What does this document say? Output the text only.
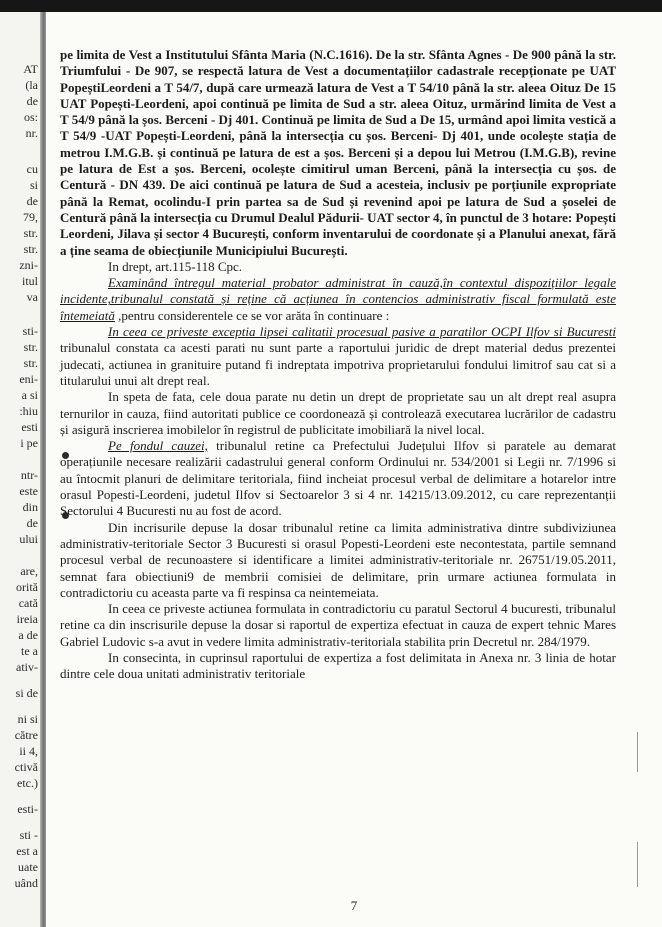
AT
(la
de
os:
nr.
cu
si
de
79,
str.
str.
zni-
itul
va
sti-
str.
str.
eni-
a si
:hiu
esti
i pe
ntr-
este
din
de
ului
are,
orită
cată
ireia
a de
te a
ativ-
si de
ni si
către
ii 4,
ctivă
etc.)
esti-
sti -
est a
uate
uând

pe limita de Vest a Institutului Sfânta Maria (N.C.1616). De la str. Sfânta Agnes - De 900 până la str. Triumfului - De 907, se respectă latura de Vest a documentațiilor cadastrale recepționate pe UAT PopeștiLeordeni a T 54/7, după care urmează latura de Vest a T 54/10 până la str. aleea Oituz De 15 UAT Popești-Leordeni, apoi continuă pe limita de Sud a str. aleea Oituz, urmărind limita de Vest a T 54/9 până la șos. Berceni - Dj 401. Continuă pe limita de Sud a De 15, urmând apoi limita vestică a T 54/9 -UAT Popești-Leordeni, până la intersecția cu șos. Berceni- Dj 401, unde ocolește stația de metrou I.M.G.B. și continuă pe latura de est a șos. Berceni și a depou lui Metrou (I.M.G.B), revine pe latura de Est a șos. Berceni, ocolește cimitirul uman Berceni, până la intersecția cu șos. de Centură - DN 439. De aici continuă pe latura de Sud a acesteia, inclusiv pe porțiunile expropriate până la Remat, ocolindu-I prin partea sa de Sud și revenind apoi pe latura de Sud a șoselei de Centură până la intersecția cu Drumul Dealul Pădurii- UAT sector 4, în punctul de 3 hotare: Popești Leordeni, Jilava și sector 4 București, conform inventarului de coordonate și a Planului anexat, fără a ține seama de obiecțiunile Municipiului București.

In drept, art.115-118 Cpc.

Examinând întregul material probator administrat în cauză,în contextul dispozițiilor legale incidente,tribunalul constată și reține că acțiunea în contencios administrativ fiscal formulată este întemeiată ,pentru considerentele ce se vor arăta în continuare :

In ceea ce priveste exceptia lipsei calitatii procesual pasive a paratilor OCPI Ilfov si Bucuresti tribunalul constata ca acesti parati nu sunt parte a raportului juridic de drept material dedus prezentei judecati, actiunea in granituire putand fi indreptata impotriva proprietarului fondului limitrof sau cat si a titularului unui alt drept real.

In speta de fata, cele doua parate nu detin un drept de proprietate sau un alt drept real asupra ternurilor in cauza, fiind autoritati publice ce coordonează și controlează executarea lucrărilor de cadastru și asigură inscrierea imobilelor în registrul de publicitate imobiliară la nivel local.

Pe fondul cauzei, tribunalul retine ca Prefectului Județului Ilfov si paratele au demarat operațiunile necesare realizării cadastrului general conform Ordinului nr. 534/2001 si Legii nr. 7/1996 si au întocmit planuri de delimitare teritoriala, fiind incheiat procesul verbal de delimitare a hotarelor intre orasul Popesti-Leordeni, judetul Ilfov si Sectoarelor 3 si 4 nr. 14215/13.09.2012, cu care reprezentanții Sectorului 4 Bucuresti nu au fost de acord.

Din incrisurile depuse la dosar tribunalul retine ca limita administrativa dintre subdiviziunea administrativ-teritoriale Sector 3 Bucuresti si orasul Popesti-Leordeni este necontestata, partile semnand procesul verbal de recunoastere si identificare a limitei administrativ-teritoriale nr. 26751/19.05.2011, semnat fara obiectiuni9 de membrii comisiei de delimitare, prin urmare actiunea formulata in contradictoriu cu aceasta parte va fi respinsa ca neintemeiata.

In ceea ce priveste actiunea formulata in contradictoriu cu paratul Sectorul 4 bucuresti, tribunalul retine ca din inscrisurile depuse la dosar si raportul de expertiza efectuat in cauza de expert tehnic Mares Gabriel Ludovic s-a avut in vedere limita administrativ-teritoriala stabilita prin Decretul nr. 284/1979.

In consecinta, in cuprinsul raportului de expertiza a fost delimitata in Anexa nr. 3 linia de hotar dintre cele doua unitati administrativ teritoriale

7
